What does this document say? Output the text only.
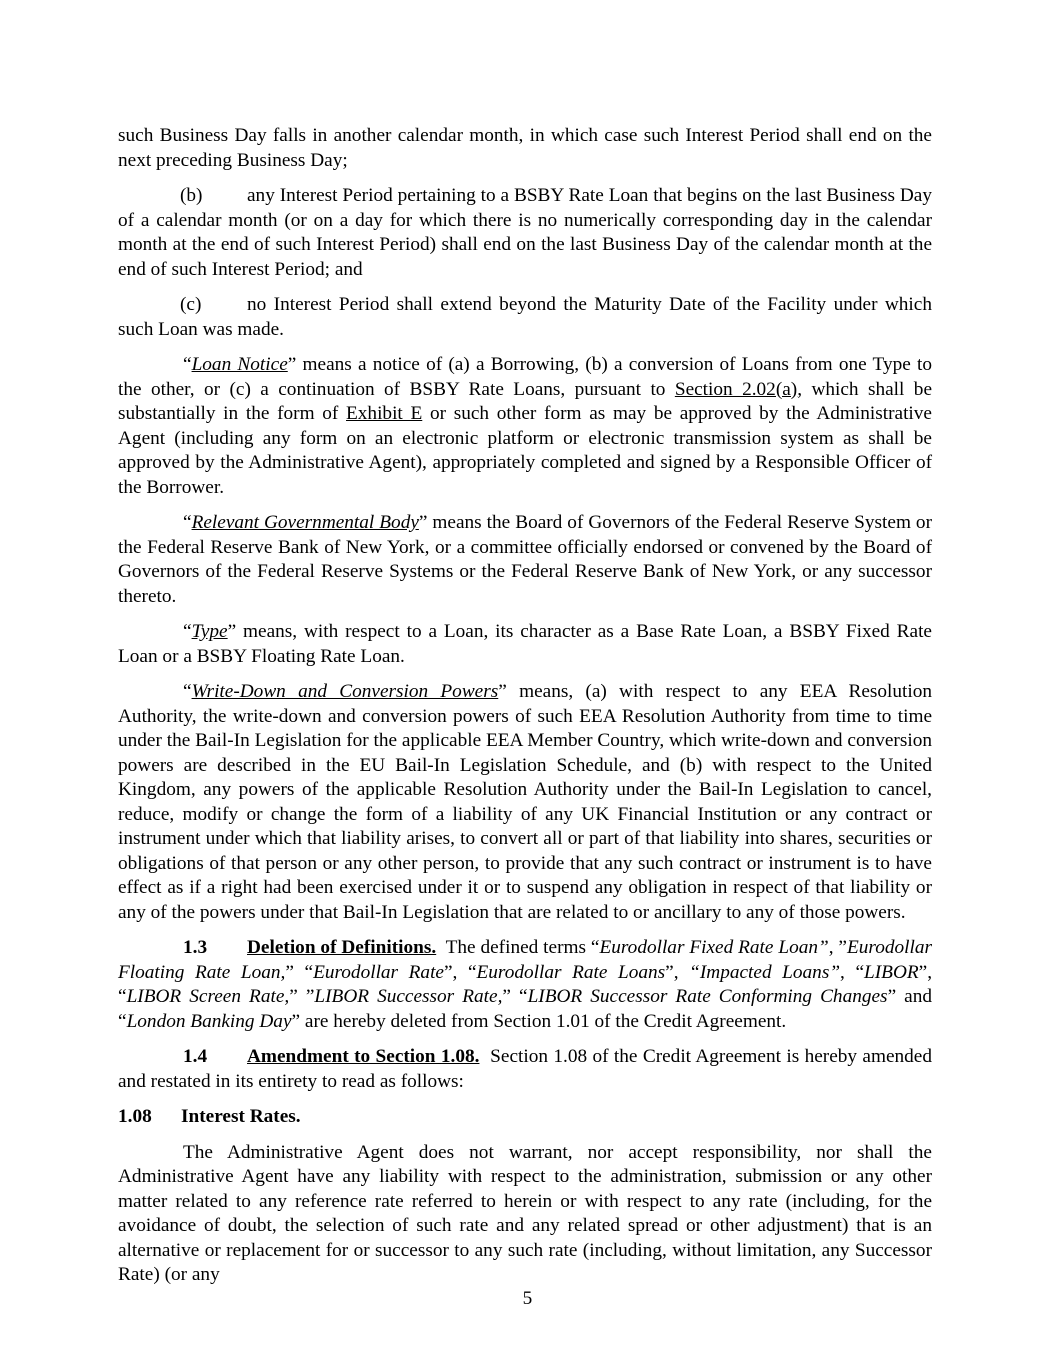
such Business Day falls in another calendar month, in which case such Interest Period shall end on the next preceding Business Day;

(b) any Interest Period pertaining to a BSBY Rate Loan that begins on the last Business Day of a calendar month (or on a day for which there is no numerically corresponding day in the calendar month at the end of such Interest Period) shall end on the last Business Day of the calendar month at the end of such Interest Period; and

(c) no Interest Period shall extend beyond the Maturity Date of the Facility under which such Loan was made.

“Loan Notice” means a notice of (a) a Borrowing, (b) a conversion of Loans from one Type to the other, or (c) a continuation of BSBY Rate Loans, pursuant to Section 2.02(a), which shall be substantially in the form of Exhibit E or such other form as may be approved by the Administrative Agent (including any form on an electronic platform or electronic transmission system as shall be approved by the Administrative Agent), appropriately completed and signed by a Responsible Officer of the Borrower.

“Relevant Governmental Body” means the Board of Governors of the Federal Reserve System or the Federal Reserve Bank of New York, or a committee officially endorsed or convened by the Board of Governors of the Federal Reserve Systems or the Federal Reserve Bank of New York, or any successor thereto.

“Type” means, with respect to a Loan, its character as a Base Rate Loan, a BSBY Fixed Rate Loan or a BSBY Floating Rate Loan.

“Write-Down and Conversion Powers” means, (a) with respect to any EEA Resolution Authority, the write-down and conversion powers of such EEA Resolution Authority from time to time under the Bail-In Legislation for the applicable EEA Member Country, which write-down and conversion powers are described in the EU Bail-In Legislation Schedule, and (b) with respect to the United Kingdom, any powers of the applicable Resolution Authority under the Bail-In Legislation to cancel, reduce, modify or change the form of a liability of any UK Financial Institution or any contract or instrument under which that liability arises, to convert all or part of that liability into shares, securities or obligations of that person or any other person, to provide that any such contract or instrument is to have effect as if a right had been exercised under it or to suspend any obligation in respect of that liability or any of the powers under that Bail-In Legislation that are related to or ancillary to any of those powers.

1.3 Deletion of Definitions.  The defined terms “Eurodollar Fixed Rate Loan”, ”Eurodollar Floating Rate Loan,” “Eurodollar Rate”, “Eurodollar Rate Loans”, “Impacted Loans”, “LIBOR”, “LIBOR Screen Rate,” ”LIBOR Successor Rate,” “LIBOR Successor Rate Conforming Changes” and “London Banking Day” are hereby deleted from Section 1.01 of the Credit Agreement.

1.4 Amendment to Section 1.08.  Section 1.08 of the Credit Agreement is hereby amended and restated in its entirety to read as follows:

1.08 Interest Rates.

The Administrative Agent does not warrant, nor accept responsibility, nor shall the Administrative Agent have any liability with respect to the administration, submission or any other matter related to any reference rate referred to herein or with respect to any rate (including, for the avoidance of doubt, the selection of such rate and any related spread or other adjustment) that is an alternative or replacement for or successor to any such rate (including, without limitation, any Successor Rate) (or any

5
